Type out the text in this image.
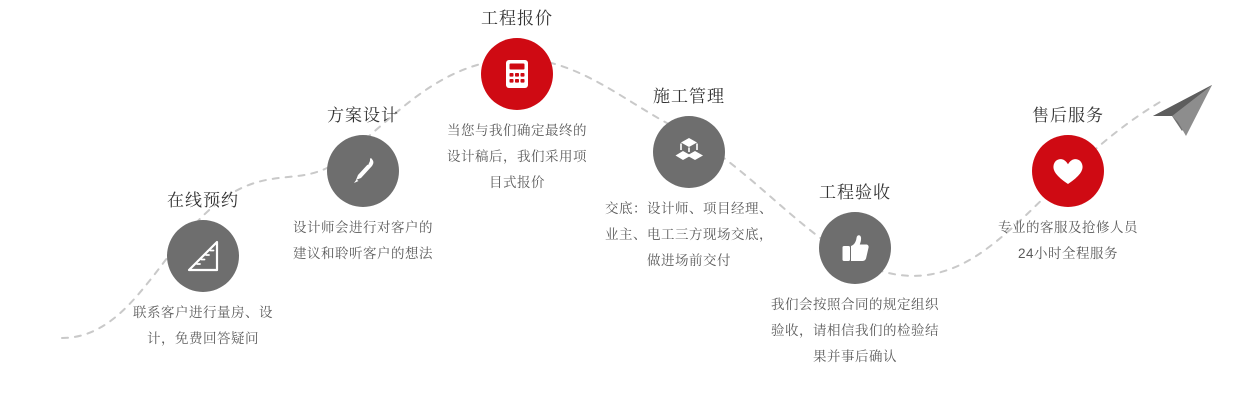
在线预约
联系客户进行量房、设计，免费回答疑问
方案设计
设计师会进行对客户的建议和聆听客户的想法
工程报价
当您与我们确定最终的设计稿后，我们采用项目式报价
施工管理
交底：设计师、项目经理、业主、电工三方现场交底，做进场前交付
工程验收
我们会按照合同的规定组织验收，请相信我们的检验结果并事后确认
售后服务
专业的客服及抢修人员24小时全程服务
